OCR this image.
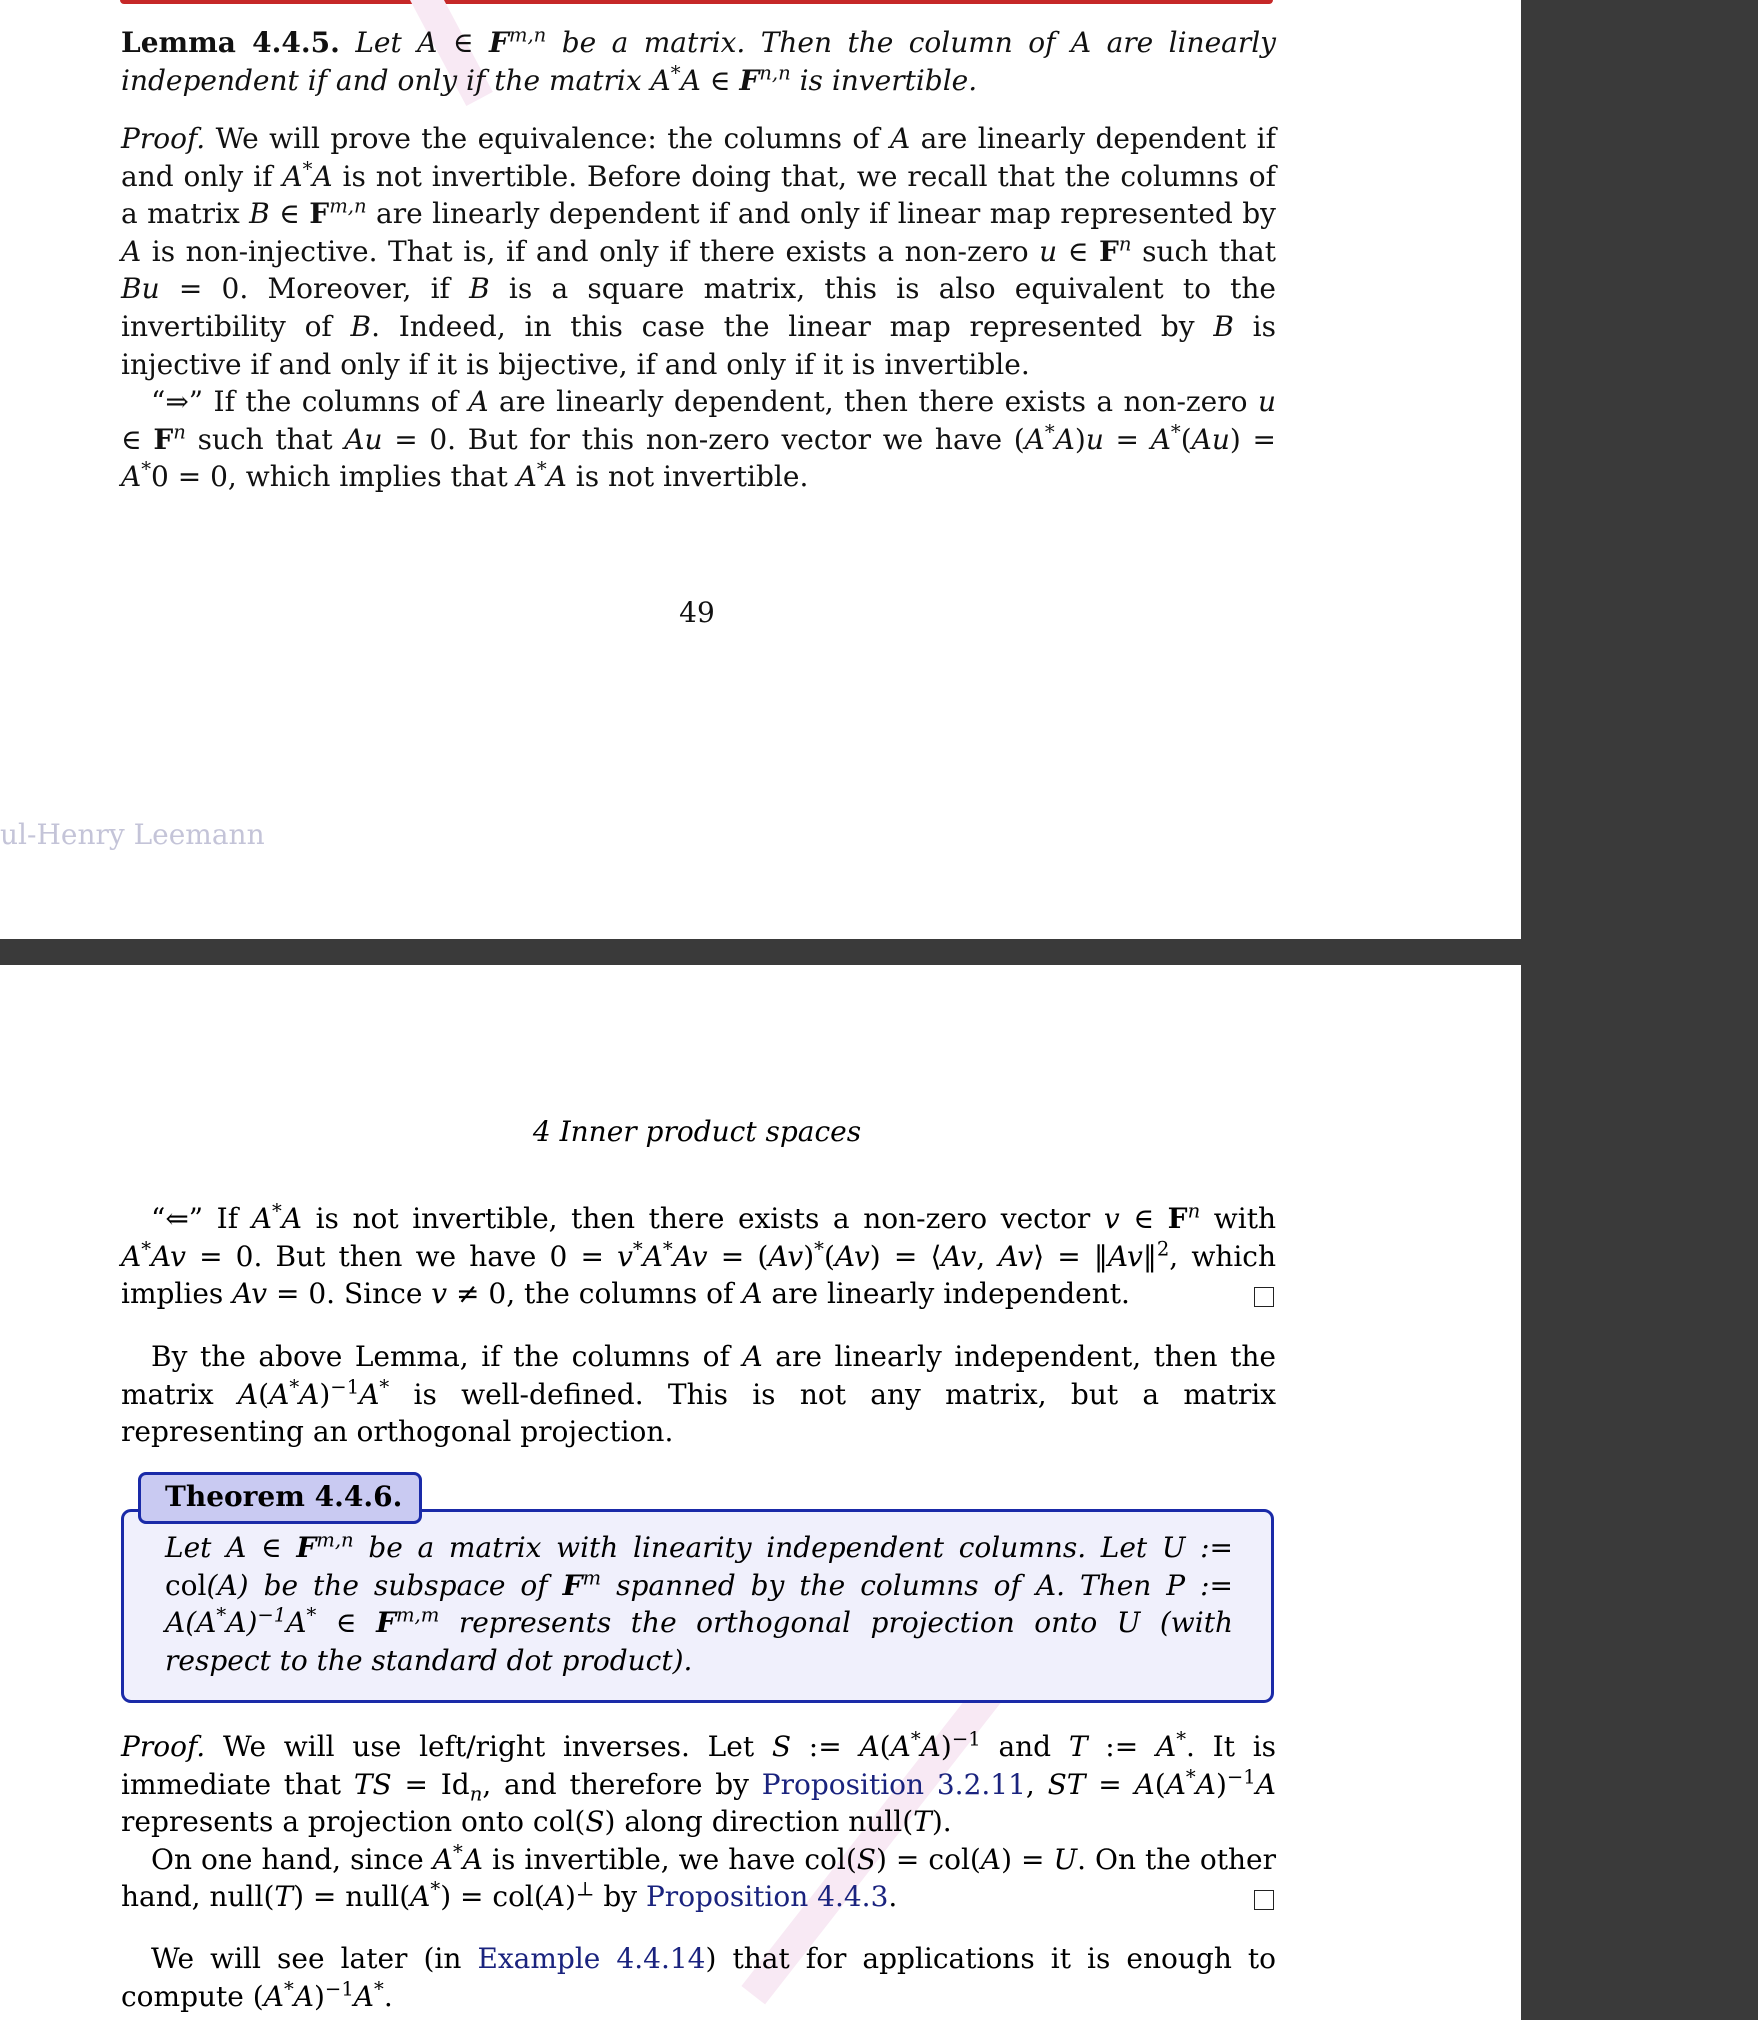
Lemma 4.4.5. Let A ∈ F$^{m,n}$ be a matrix. Then the column of A are linearly independent if and only if the matrix A*A ∈ F$^{n,n}$ is invertible.

Proof. We will prove the equivalence: the columns of A are linearly dependent if and only if A*A is not invertible. Before doing that, we recall that the columns of a matrix B ∈ F$^{m,n}$ are linearly dependent if and only if linear map represented by A is non-injective. That is, if and only if there exists a non-zero u ∈ $F^n$ such that Bu = 0. Moreover, if B is a square matrix, this is also equivalent to the invertibility of B. Indeed, in this case the linear map represented by B is injective if and only if it is bijective, if and only if it is invertible.

“⇒” If the columns of A are linearly dependent, then there exists a non-zero u ∈ $F^n$ such that Au = 0. But for this non-zero vector we have (A*A)u = A*(Au) = A*0 = 0, which implies that A*A is not invertible.

49
ul-Henry Leemann
4 Inner product spaces

“⇐” If A*A is not invertible, then there exists a non-zero vector v ∈ $F^n$ with A*Av = 0. But then we have 0 = v*A*Av = (Av)*(Av) = ⟨Av, Av⟩ = ‖Av‖$^2$, which implies Av = 0. Since v ≠ 0, the columns of A are linearly independent.

By the above Lemma, if the columns of A are linearly independent, then the matrix $A(A^*A)^{-1}A^*$ is well-defined. This is not any matrix, but a matrix representing an orthogonal projection.

Theorem 4.4.6.
Let A ∈ F$^{m,n}$ be a matrix with linearity independent columns. Let U := col(A) be the subspace of $F^m$ spanned by the columns of A. Then P := $A(A^*A)^{-1}A^*$ ∈ F$^{m,m}$ represents the orthogonal projection onto U (with respect to the standard dot product).

Proof. We will use left/right inverses. Let S := $A(A^*A)^{-1}$ and T := A*. It is immediate that TS = $Id_n$, and therefore by Proposition 3.2.11, ST = $A(A^*A)^{-1}A$ represents a projection onto col(S) along direction null(T).

On one hand, since A*A is invertible, we have col(S) = col(A) = U. On the other hand, null(T) = null(A*) = col(A)⊥ by Proposition 4.4.3.

We will see later (in Example 4.4.14) that for applications it is enough to compute $(A^*A)^{-1}A^*$.
